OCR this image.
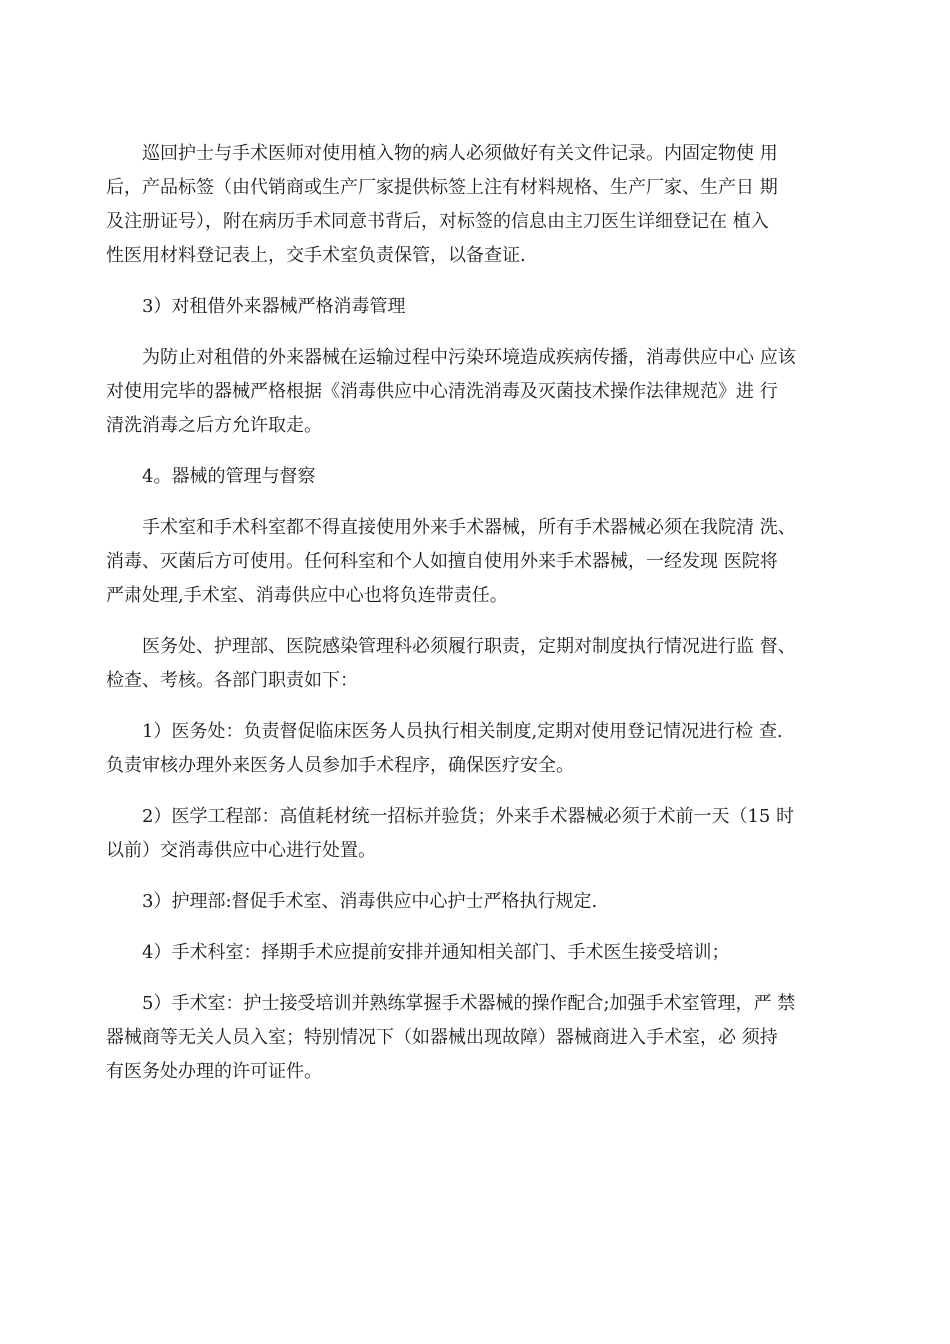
巡回护士与手术医师对使用植入物的病人必须做好有关文件记录。内固定物使 用
后，产品标签（由代销商或生产厂家提供标签上注有材料规格、生产厂家、生产日 期
及注册证号），附在病历手术同意书背后，对标签的信息由主刀医生详细登记在 植入
性医用材料登记表上，交手术室负责保管，以备查证.

3）对租借外来器械严格消毒管理

为防止对租借的外来器械在运输过程中污染环境造成疾病传播，消毒供应中心 应该
对使用完毕的器械严格根据《消毒供应中心清洗消毒及灭菌技术操作法律规范》进 行
清洗消毒之后方允许取走。

4。器械的管理与督察

手术室和手术科室都不得直接使用外来手术器械，所有手术器械必须在我院清 洗、
消毒、灭菌后方可使用。任何科室和个人如擅自使用外来手术器械，一经发现 医院将
严肃处理,手术室、消毒供应中心也将负连带责任。

医务处、护理部、医院感染管理科必须履行职责，定期对制度执行情况进行监 督、
检查、考核。各部门职责如下：

1）医务处：负责督促临床医务人员执行相关制度,定期对使用登记情况进行检 查.
负责审核办理外来医务人员参加手术程序，确保医疗安全。

2）医学工程部：高值耗材统一招标并验货；外来手术器械必须于术前一天（15 时
以前）交消毒供应中心进行处置。

3）护理部:督促手术室、消毒供应中心护士严格执行规定.

4）手术科室：择期手术应提前安排并通知相关部门、手术医生接受培训；

5）手术室：护士接受培训并熟练掌握手术器械的操作配合;加强手术室管理，严 禁
器械商等无关人员入室；特别情况下（如器械出现故障）器械商进入手术室，必 须持
有医务处办理的许可证件。
